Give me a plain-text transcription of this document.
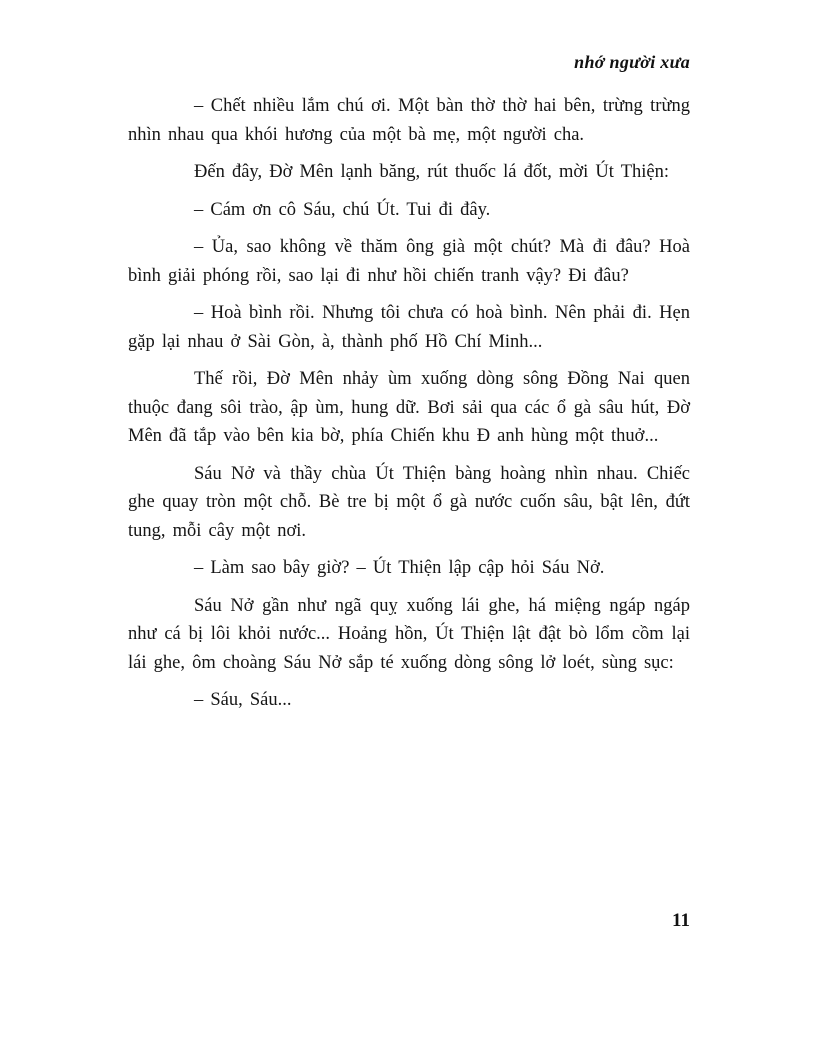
nhớ người xưa

– Chết nhiều lắm chú ơi. Một bàn thờ thờ hai bên, trừng trừng nhìn nhau qua khói hương của một bà mẹ, một người cha.

Đến đây, Đờ Mên lạnh băng, rút thuốc lá đốt, mời Út Thiện:

– Cám ơn cô Sáu, chú Út. Tui đi đây.

– Ủa, sao không về thăm ông già một chút? Mà đi đâu? Hoà bình giải phóng rồi, sao lại đi như hồi chiến tranh vậy? Đi đâu?

– Hoà bình rồi. Nhưng tôi chưa có hoà bình. Nên phải đi. Hẹn gặp lại nhau ở Sài Gòn, à, thành phố Hồ Chí Minh...

Thế rồi, Đờ Mên nhảy ùm xuống dòng sông Đồng Nai quen thuộc đang sôi trào, ập ùm, hung dữ. Bơi sải qua các ổ gà sâu hút, Đờ Mên đã tắp vào bên kia bờ, phía Chiến khu Đ anh hùng một thuở...

Sáu Nở và thầy chùa Út Thiện bàng hoàng nhìn nhau. Chiếc ghe quay tròn một chỗ. Bè tre bị một ổ gà nước cuốn sâu, bật lên, đứt tung, mỗi cây một nơi.

– Làm sao bây giờ? – Út Thiện lập cập hỏi Sáu Nở.

Sáu Nở gần như ngã quỵ xuống lái ghe, há miệng ngáp ngáp như cá bị lôi khỏi nước... Hoảng hồn, Út Thiện lật đật bò lổm cồm lại lái ghe, ôm choàng Sáu Nở sắp té xuống dòng sông lở loét, sùng sục:

– Sáu, Sáu...

11
